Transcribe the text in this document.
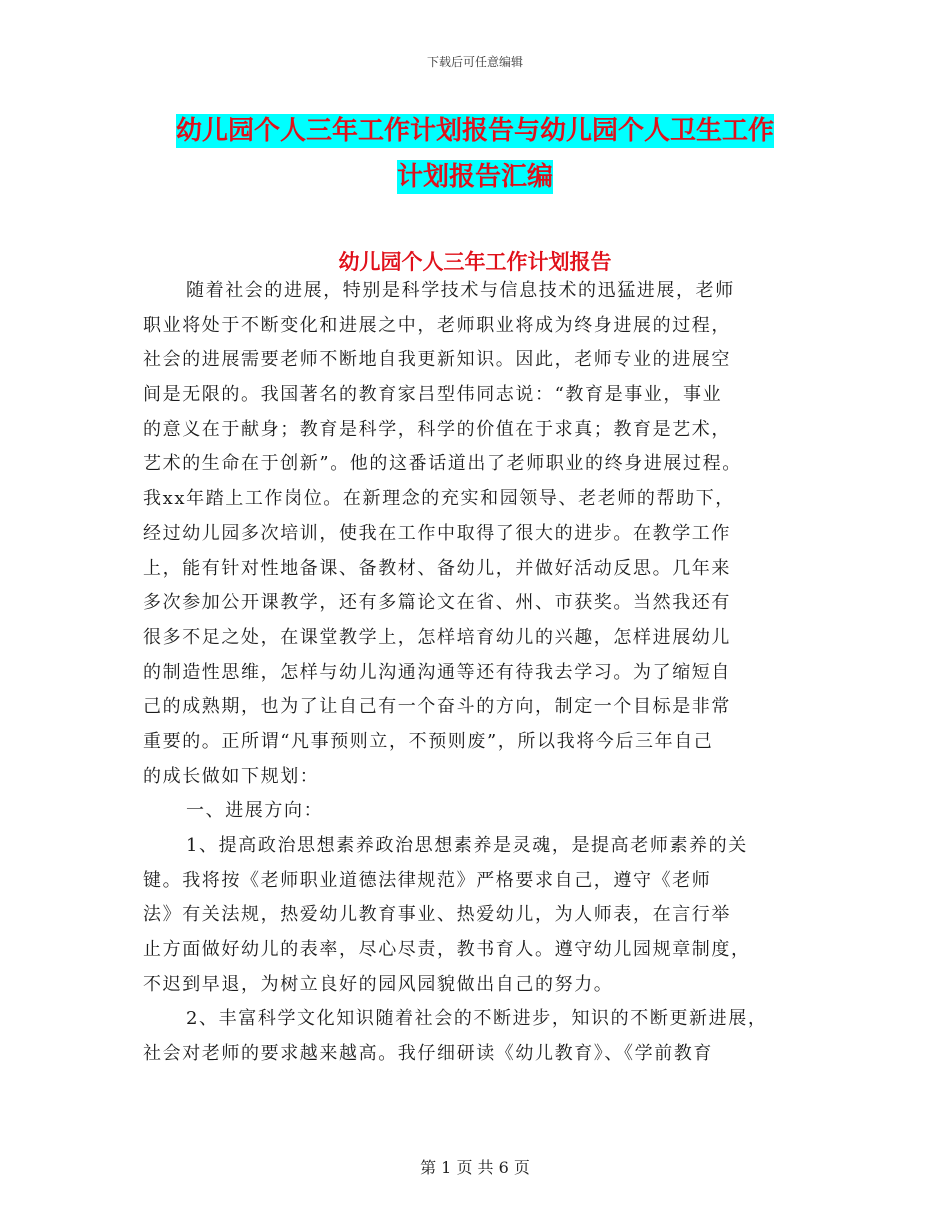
下载后可任意编辑
幼儿园个人三年工作计划报告与幼儿园个人卫生工作
计划报告汇编
幼儿园个人三年工作计划报告
随着社会的进展，特别是科学技术与信息技术的迅猛进展，老师
职业将处于不断变化和进展之中，老师职业将成为终身进展的过程，
社会的进展需要老师不断地自我更新知识。因此，老师专业的进展空
间是无限的。我国著名的教育家吕型伟同志说：“教育是事业，事业
的意义在于献身；教育是科学，科学的价值在于求真；教育是艺术，
艺术的生命在于创新”。他的这番话道出了老师职业的终身进展过程。
我xx年踏上工作岗位。在新理念的充实和园领导、老老师的帮助下，
经过幼儿园多次培训，使我在工作中取得了很大的进步。在教学工作
上，能有针对性地备课、备教材、备幼儿，并做好活动反思。几年来
多次参加公开课教学，还有多篇论文在省、州、市获奖。当然我还有
很多不足之处，在课堂教学上，怎样培育幼儿的兴趣，怎样进展幼儿
的制造性思维，怎样与幼儿沟通沟通等还有待我去学习。为了缩短自
己的成熟期，也为了让自己有一个奋斗的方向，制定一个目标是非常
重要的。正所谓“凡事预则立，不预则废”，所以我将今后三年自己
的成长做如下规划：
一、进展方向：
1、提高政治思想素养政治思想素养是灵魂，是提高老师素养的关
键。我将按《老师职业道德法律规范》严格要求自己，遵守《老师
法》有关法规，热爱幼儿教育事业、热爱幼儿，为人师表，在言行举
止方面做好幼儿的表率，尽心尽责，教书育人。遵守幼儿园规章制度，
不迟到早退，为树立良好的园风园貌做出自己的努力。
2、丰富科学文化知识随着社会的不断进步，知识的不断更新进展，
社会对老师的要求越来越高。我仔细研读《幼儿教育》、《学前教育
第 1 页 共 6 页
